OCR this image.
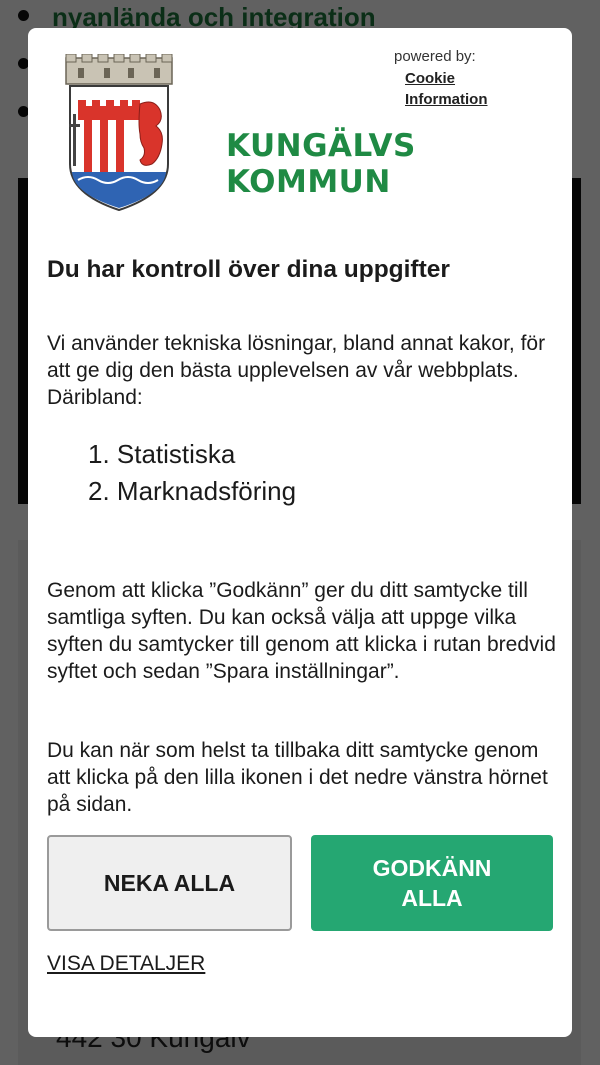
KUNGÄLVS
KOMMUN
powered by:
Cookie
Information
Du har kontroll över dina uppgifter

Vi använder tekniska lösningar, bland annat kakor, för att ge dig den bästa upplevelsen av vår webbplats. Däribland:

1. Statistiska
2. Marknadsföring

Genom att klicka ”Godkänn” ger du ditt samtycke till samtliga syften. Du kan också välja att uppge vilka syften du samtycker till genom att klicka i rutan bredvid syftet och sedan ”Spara inställningar”.

Du kan när som helst ta tillbaka ditt samtycke genom att klicka på den lilla ikonen i det nedre vänstra hörnet på sidan.

NEKA ALLA
GODKÄNN ALLA
VISA DETALJER
